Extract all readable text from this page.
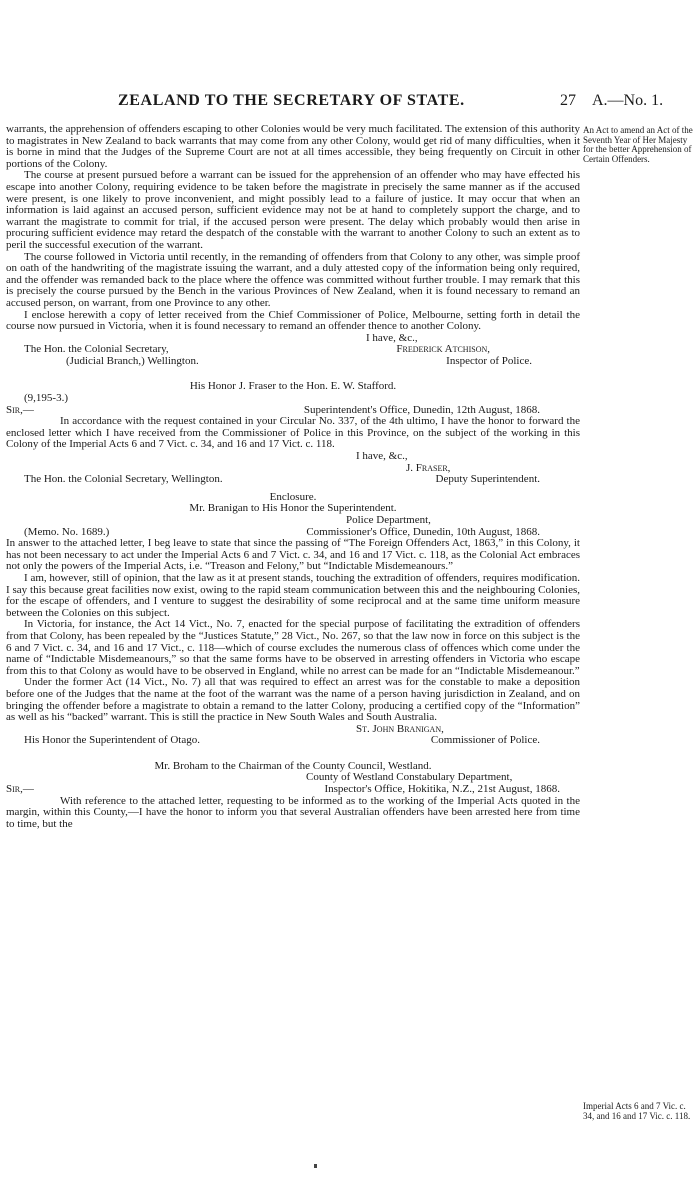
ZEALAND TO THE SECRETARY OF STATE.	27 A.—No. 1.
An Act to amend an Act of the Seventh Year of Her Majesty for the better Apprehension of Certain Offenders.
Imperial Acts 6 and 7 Vic. c. 34, and 16 and 17 Vic. c. 118.

warrants, the apprehension of offenders escaping to other Colonies would be very much facilitated. The extension of this authority to magistrates in New Zealand to back warrants that may come from any other Colony, would get rid of many difficulties, when it is borne in mind that the Judges of the Supreme Court are not at all times accessible, they being frequently on Circuit in other portions of the Colony.

The course at present pursued before a warrant can be issued for the apprehension of an offender who may have effected his escape into another Colony, requiring evidence to be taken before the magistrate in precisely the same manner as if the accused were present, is one likely to prove inconvenient, and might possibly lead to a failure of justice. It may occur that when an information is laid against an accused person, sufficient evidence may not be at hand to completely support the charge, and to warrant the magistrate to commit for trial, if the accused person were present. The delay which probably would then arise in procuring sufficient evidence may retard the despatch of the constable with the warrant to another Colony to such an extent as to peril the successful execution of the warrant.

The course followed in Victoria until recently, in the remanding of offenders from that Colony to any other, was simple proof on oath of the handwriting of the magistrate issuing the warrant, and a duly attested copy of the information being only required, and the offender was remanded back to the place where the offence was committed without further trouble. I may remark that this is precisely the course pursued by the Bench in the various Provinces of New Zealand, when it is found necessary to remand an accused person, on warrant, from one Province to any other.

I enclose herewith a copy of letter received from the Chief Commissioner of Police, Melbourne, setting forth in detail the course now pursued in Victoria, when it is found necessary to remand an offender thence to another Colony.

I have, &c.,

The Hon. the Colonial Secretary,	Frederick Atchison,
(Judicial Branch,) Wellington.	Inspector of Police.

His Honor J. Fraser to the Hon. E. W. Stafford.

(9,195-3.)

Sir,—	Superintendent's Office, Dunedin, 12th August, 1868.

In accordance with the request contained in your Circular No. 337, of the 4th ultimo, I have the honor to forward the enclosed letter which I have received from the Commissioner of Police in this Province, on the subject of the working in this Colony of the Imperial Acts 6 and 7 Vict. c. 34, and 16 and 17 Vict. c. 118.

I have, &c.,

J. Fraser,

The Hon. the Colonial Secretary, Wellington.	Deputy Superintendent.

Enclosure.

Mr. Branigan to His Honor the Superintendent.

Police Department,

(Memo. No. 1689.)	Commissioner's Office, Dunedin, 10th August, 1868.

In answer to the attached letter, I beg leave to state that since the passing of “The Foreign Offenders Act, 1863,” in this Colony, it has not been necessary to act under the Imperial Acts 6 and 7 Vict. c. 34, and 16 and 17 Vict. c. 118, as the Colonial Act embraces not only the powers of the Imperial Acts, i.e. “Treason and Felony,” but “Indictable Misdemeanours.”

I am, however, still of opinion, that the law as it at present stands, touching the extradition of offenders, requires modification. I say this because great facilities now exist, owing to the rapid steam communication between this and the neighbouring Colonies, for the escape of offenders, and I venture to suggest the desirability of some reciprocal and at the same time uniform measure between the Colonies on this subject.

In Victoria, for instance, the Act 14 Vict., No. 7, enacted for the special purpose of facilitating the extradition of offenders from that Colony, has been repealed by the “Justices Statute,” 28 Vict., No. 267, so that the law now in force on this subject is the 6 and 7 Vict. c. 34, and 16 and 17 Vict., c. 118—which of course excludes the numerous class of offences which come under the name of “Indictable Misdemeanours,” so that the same forms have to be observed in arresting offenders in Victoria who escape from this to that Colony as would have to be observed in England, while no arrest can be made for an “Indictable Misdemeanour.”

Under the former Act (14 Vict., No. 7) all that was required to effect an arrest was for the constable to make a deposition before one of the Judges that the name at the foot of the warrant was the name of a person having jurisdiction in Zealand, and on bringing the offender before a magistrate to obtain a remand to the latter Colony, producing a certified copy of the “Information” as well as his “backed” warrant. This is still the practice in New South Wales and South Australia.

St. John Branigan,

His Honor the Superintendent of Otago.	Commissioner of Police.

Mr. Broham to the Chairman of the County Council, Westland.

County of Westland Constabulary Department,

Sir,—	Inspector's Office, Hokitika, N.Z., 21st August, 1868.

With reference to the attached letter, requesting to be informed as to the working of the Imperial Acts quoted in the margin, within this County,—I have the honor to inform you that several Australian offenders have been arrested here from time to time, but the
